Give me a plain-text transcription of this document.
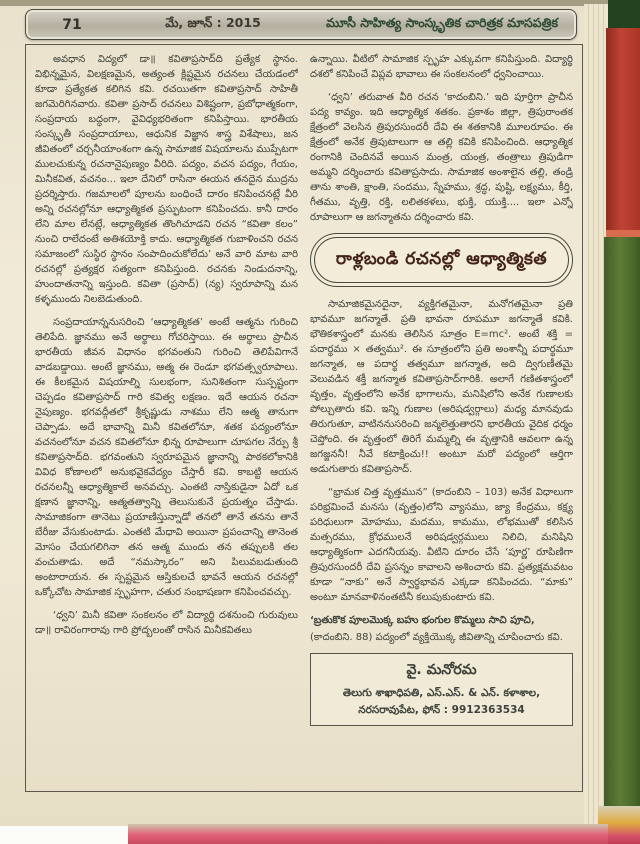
71	మే, జూన్ : 2015	మూసీ సాహిత్య సాంస్కృతిక చారిత్రక మాసపత్రిక

అవధాన విద్యలో డా॥ కవితాప్రసాద్‌ది ప్రత్యేక స్థానం. విభిన్నమైన, విలక్షణమైన, అత్యంత క్లిష్టమైన రచనలు చేయడంలో కూడా ప్రత్యేకత కలిగిన కవి. రచయితగా కవితాప్రసాద్ సాహితీ జగమెరిగినవారు. కవితా ప్రసాద్ రచనలు విశిష్టంగా, ప్రబోధాత్మకంగా, సంప్రదాయ బద్ధంగా, వైవిధ్యభరితంగా కనిపిస్తాయి. భారతీయ సంస్కృతీ సంప్రదాయాలు, ఆధునిక విజ్ఞాన శాస్త్ర విశేషాలు, జన జీవితంలో చర్చనీయాంశంగా ఉన్న సామాజిక విషయాలను ముప్పేటగా ములచుకున్న రచనానైపుణ్యం వీరిది. పద్యం, వచన పద్యం, గేయం, మినీకవిత, వచనం... ఇలా దేనిలో రాసినా ఈయన తనదైన ముద్రను ప్రదర్శిస్తారు. గజమాలలో పూలను బంధించే దారం కనిపించనట్లే వీరి అన్ని రచనల్లోనూ ఆధ్యాత్మికత ప్రస్ఫుటంగా కనిపించదు. కానీ దారం లేని మాల లేనట్లే, ఆధ్యాత్మికత తొంగిచూడని రచన “కవితా కలం” నుంచి రాలేదంటే అతిశయోక్తి కాదు. ఆధ్యాత్మికత గుబాళించని రచన సమాజంలో సుస్థిర స్థానం సంపాదించుకోలేదు’ అనే వారి మాట వారి రచనల్లో ప్రత్యక్షర సత్యంగా కనిపిస్తుంది. రచనకు నిండుదనాన్ని, హుందాతనాన్ని ఇస్తుంది. కవితా (ప్రసాద్) (న్య) స్వరూపాన్ని మన కళ్ళముందు నిలబెడుతుంది.

సంప్రదాయాన్ననుసరించి ‘ఆధ్యాత్మికత’ అంటే ఆత్మను గురించి తెలిపేది. జ్ఞానము అనే అర్థాలు గోచరిస్తాయి. ఈ అర్థాలు ప్రాచీన భారతీయ జీవన విధానం భగవంతుని గురించి తెలిపేవిగానే వాడబడ్డాయి. అంటే జ్ఞానము, ఆత్మ ఈ రెండూ భగవత్స్వరూపాలు. ఈ కీలకమైన విషయాల్ని సులభంగా, సునిశితంగా సుస్పష్టంగా చెప్పడం కవితాప్రసాద్ గారి కవిత్వ లక్షణం. ఇదే ఆయన రచనా నైపుణ్యం. భగవద్గీతలో శ్రీకృష్ణుడు నాశము లేని ఆత్మ తానుగా చెప్పాడు. అదే భావాన్ని మినీ కవితలోనూ, శతక పద్యంలోనూ వచనంలోనూ వచన కవితలోనూ భిన్న రూపాలుగా చూపగల నేర్పు శ్రీ కవితాప్రసాద్‌ది. భగవంతుని స్వరూపమైన జ్ఞానాన్ని పాఠకలోకానికి వివిధ కోణాలలో అనుభవైకవేద్యం చేస్తారీ కవి. కాబట్టి ఆయన రచనలన్నీ ఆధ్యాత్మికాలే అనవచ్చు. ఎంతటి నాస్తికుడైనా ఏదో ఒక క్షణాన జ్ఞానాన్ని, ఆత్మతత్వాన్ని తెలుసుకునే ప్రయత్నం చేస్తాడు. సామాజికంగా తానెటు ప్రయాణిస్తున్నాడో తనలో తానే తనను తానే బేరీజు వేసుకుంటాడు. ఎంతటి మేధావి అయినా ప్రపంచాన్ని తానెంత మోసం చేయగలిగినా తన ఆత్మ ముందు తన తప్పులకి తల వంచుతాడు. అదే “నమస్కారం” అని పిలువబడుతుంది అంటారాయన. ఈ స్పష్టమైన ఆస్తికులచే భావనే ఆయన రచనల్లో ఒక్కోచోట సామాజిక స్పృహగా, చతుర సంభాషణగా కనిపించవచ్చు.

‘ధ్వని’ మినీ కవితా సంకలనం లో విద్యార్థి దశనుంచి గురువులు డా॥ రావిరంగారావు గారి ప్రోద్బలంతో రాసిన మినీకవితలు

ఉన్నాయి. వీటిలో సామాజిక స్పృహ ఎక్కువగా కనిపిస్తుంది. విద్యార్థి దశలో కనిపించే విప్లవ భావాలు ఈ సంకలనంలో ధ్వనించాయి.

‘ధ్వని’ తరువాత వీరి రచన ‘కాదంబిని.’ ఇది పూర్తిగా ప్రాచీన పద్య కావ్యం. ఇది ఆధ్యాత్మిక శతకం. ప్రకాశం జిల్లా, త్రిపురాంతక క్షేత్రంలో వెలసిన త్రిపురసుందరీ దేవి ఈ శతకానికి మూలరూపం. ఈ క్షేత్రంలో అనేక త్రిపుటాలుగా ఆ తల్లి కవికి కనిపించింది. ఆధ్యాత్మిక రంగానికి చెందినవే అయిన మంత్ర, యంత్ర, తంత్రాలు త్రిపుడిగా అమ్మని దర్శించారు కవితాప్రసాదు. సామాజిక అంశాలైన తల్లి, తండ్రి తాను శాంతి, క్షాంతి, సందము, స్నేహము, శ్రద్ధ, పుష్టి, లక్ష్యము, కీర్తి, గీతము, వృత్తి, రక్తి, లలితకళలు, భుక్తి, యుక్తి.... ఇలా ఎన్నో రూపాలుగా ఆ జగన్మాతను దర్శించారు కవి.

రాళ్లబండి రచనల్లో ఆధ్యాత్మికత

సామాజికమైనదైనా, వ్యక్తిగతమైనా, మనోగతమైనా ప్రతి భావమూ జగన్మాతే. ప్రతి భావనా రూపమూ జగన్మాతే కవికి. భౌతికశాస్త్రంలో మనకు తెలిసిన సూత్రం E=mc². అంటే శక్తి = పదార్థము × తత్వము². ఈ సూత్రంలోని ప్రతి అంశాన్నీ పదార్థమూ జగన్మాత, ఆ పదార్థ తత్వమూ జగన్మాత, అది ద్విగుణీతమై వెలువడిన శక్తీ జగన్మాత కవితాప్రసాద్‌గారికి. అలాగే గణితశాస్త్రంలో వృత్తం, వృత్తంలోని అనేక భాగాలను, మనిషిలోని అనేక గుణాలకు పోల్చుతారు కవి. ఇన్ని గుణాల (అరిషడ్వర్గాలు) మధ్య మానవుడు తిరుగుతూ, వాటిననుసరించి జన్మలెత్తుతారని భారతీయ వైదిక ధర్మం చెప్తోంది. ఈ వృత్తంలో తిరిగే మమ్మల్ని ఈ వృత్తానికి ఆవలగా ఉన్న జగజ్జననీ! నీవే కటాక్షించు!! అంటూ మరో పద్యంలో ఆర్తిగా అడుగుతారు కవితాప్రసాద్.

“భ్రామక చిత్త వృత్తమున” (కాదంబిని – 103) అనేక విధాలుగా పరిభ్రమించే మనసు (వృత్తం)లోని వ్యాసము, జ్యా కేంద్రము, కక్ష్య పరిధులుగా మోహము, మదము, కామము, లోభముతో కలిసిన మత్సరము, క్రోధములనే అరిషడ్వర్గములు నిలిచి, మనిషిని ఆధ్యాత్మికంగా ఎదగనీయవు. వీటిని దూరం చేసే ‘పూర్ణ’ రూపిణిగా త్రిపురసుందరీ దేవి ప్రసన్నం కావాలని అశించారు కవి. ప్రత్యక్షమవటం కూడా “నాకు” అనే స్వార్థభావన ఎక్కడా కనిపించదు. “మాకు” అంటూ మానవాళినంతటినీ కలుపుకుంటారు కవి.

‘బ్రతుకొక పూలమొక్క బహు భంగుల కొమ్మలు సాచి పూచి,

(కాదంబిని. 88) పద్యంలో వ్యక్తియొక్క జీవితాన్ని చూపించారు కవి.

వై. మనోరమ
తెలుగు శాఖాధిపతి, ఎస్.ఎస్. & ఎన్. కళాశాల,
నరసరావుపేట, ఫోన్ : 9912363534
